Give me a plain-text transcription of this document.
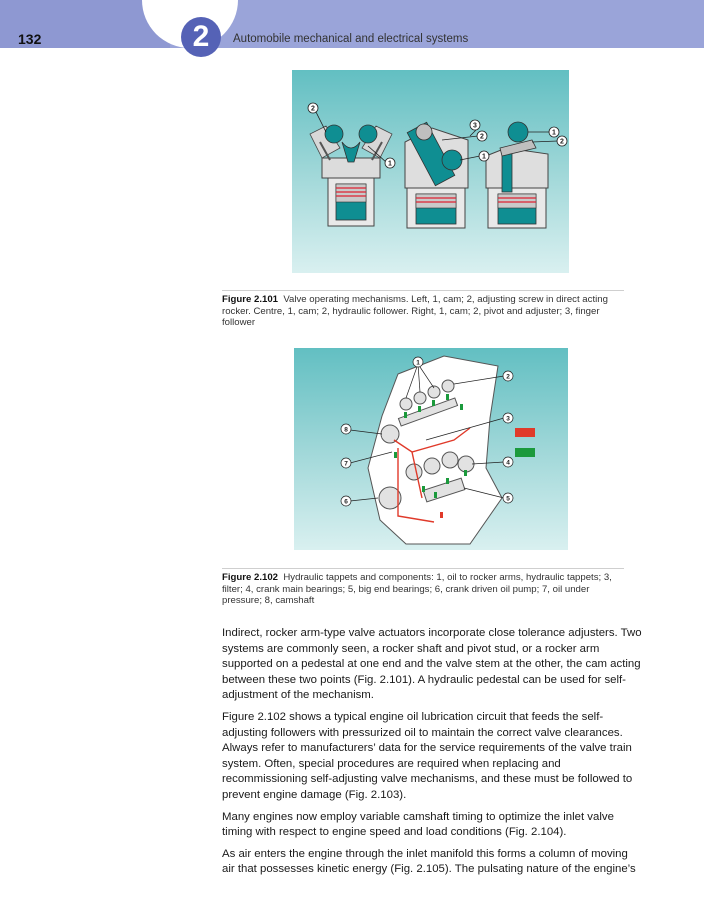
132	2	Automobile mechanical and electrical systems
2
1
3
2
1
1
2
Figure 2.101 Valve operating mechanisms. Left, 1, cam; 2, adjusting screw in direct acting rocker. Centre, 1, cam; 2, hydraulic follower. Right, 1, cam; 2, pivot and adjuster; 3, finger follower
1
2
3
8
7	4
6	5
Figure 2.102 Hydraulic tappets and components: 1, oil to rocker arms, hydraulic tappets; 3, filter; 4, crank main bearings; 5, big end bearings; 6, crank driven oil pump; 7, oil under pressure; 8, camshaft

Indirect, rocker arm-type valve actuators incorporate close tolerance adjusters. Two systems are commonly seen, a rocker shaft and pivot stud, or a rocker arm supported on a pedestal at one end and the valve stem at the other, the cam acting between these two points (Fig. 2.101). A hydraulic pedestal can be used for self-adjustment of the mechanism.

Figure 2.102 shows a typical engine oil lubrication circuit that feeds the self-adjusting followers with pressurized oil to maintain the correct valve clearances. Always refer to manufacturers’ data for the service requirements of the valve train system. Often, special procedures are required when replacing and recommissioning self-adjusting valve mechanisms, and these must be followed to prevent engine damage (Fig. 2.103).

Many engines now employ variable camshaft timing to optimize the inlet valve timing with respect to engine speed and load conditions (Fig. 2.104).

As air enters the engine through the inlet manifold this forms a column of moving air that possesses kinetic energy (Fig. 2.105). The pulsating nature of the engine’s
